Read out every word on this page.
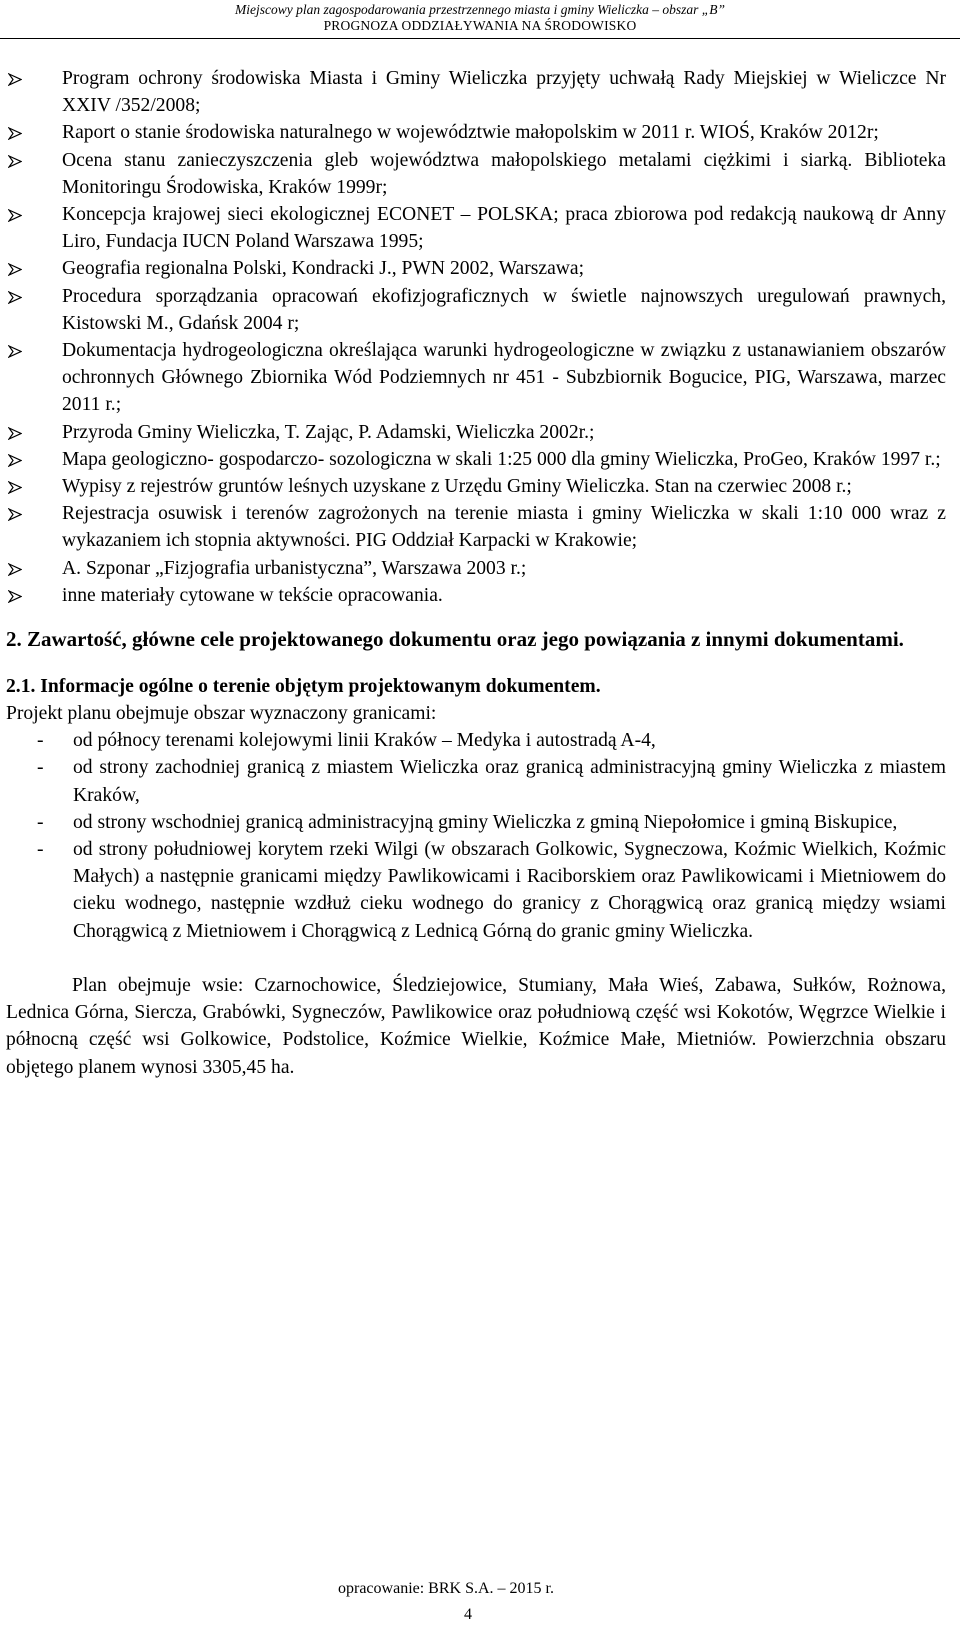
Miejscowy plan zagospodarowania przestrzennego miasta i gminy Wieliczka – obszar „B”
PROGNOZA ODDZIAŁYWANIA NA ŚRODOWISKO
Program ochrony środowiska Miasta i Gminy Wieliczka przyjęty uchwałą Rady Miejskiej w Wieliczce Nr XXIV /352/2008;
Raport o stanie środowiska naturalnego w województwie małopolskim w 2011 r. WIOŚ, Kraków 2012r;
Ocena stanu zanieczyszczenia gleb województwa małopolskiego metalami ciężkimi i siarką. Biblioteka Monitoringu Środowiska, Kraków 1999r;
Koncepcja krajowej sieci ekologicznej ECONET – POLSKA; praca zbiorowa pod redakcją naukową dr Anny Liro, Fundacja IUCN Poland Warszawa 1995;
Geografia regionalna Polski, Kondracki J., PWN 2002, Warszawa;
Procedura sporządzania opracowań ekofizjograficznych w świetle najnowszych uregulowań prawnych, Kistowski M., Gdańsk 2004 r;
Dokumentacja hydrogeologiczna określająca warunki hydrogeologiczne w związku z ustanawianiem obszarów ochronnych Głównego Zbiornika Wód Podziemnych nr 451 - Subzbiornik Bogucice, PIG, Warszawa, marzec 2011 r.;
Przyroda Gminy Wieliczka, T. Zając, P. Adamski, Wieliczka 2002r.;
Mapa geologiczno- gospodarczo- sozologiczna w skali 1:25 000 dla gminy Wieliczka, ProGeo, Kraków 1997 r.;
Wypisy z rejestrów gruntów leśnych uzyskane z Urzędu Gminy Wieliczka. Stan na czerwiec 2008 r.;
Rejestracja osuwisk i terenów zagrożonych na terenie miasta i gminy Wieliczka w skali 1:10 000 wraz z wykazaniem ich stopnia aktywności. PIG Oddział Karpacki w Krakowie;
A. Szponar „Fizjografia urbanistyczna”, Warszawa 2003 r.;
inne materiały cytowane w tekście opracowania.
2. Zawartość, główne cele projektowanego dokumentu oraz jego powiązania z innymi dokumentami.
2.1. Informacje ogólne o terenie objętym projektowanym dokumentem.

Projekt planu obejmuje obszar wyznaczony granicami:

- od północy terenami kolejowymi linii Kraków – Medyka i autostradą A-4,
- od strony zachodniej granicą z miastem Wieliczka oraz granicą administracyjną gminy Wieliczka z miastem Kraków,
- od strony wschodniej granicą administracyjną gminy Wieliczka z gminą Niepołomice i gminą Biskupice,
- od strony południowej korytem rzeki Wilgi (w obszarach Golkowic, Sygneczowa, Koźmic Wielkich, Koźmic Małych) a następnie granicami między Pawlikowicami i Raciborskiem oraz Pawlikowicami i Mietniowem do cieku wodnego, następnie wzdłuż cieku wodnego do granicy z Chorągwicą oraz granicą między wsiami Chorągwicą z Mietniowem i Chorągwicą z Lednicą Górną do granic gminy Wieliczka.

Plan obejmuje wsie: Czarnochowice, Śledziejowice, Stumiany, Mała Wieś, Zabawa, Sułków, Rożnowa, Lednica Górna, Siercza, Grabówki, Sygneczów, Pawlikowice oraz południową część wsi Kokotów, Węgrzce Wielkie i północną część wsi Golkowice, Podstolice, Koźmice Wielkie, Koźmice Małe, Mietniów. Powierzchnia obszaru objętego planem wynosi 3305,45 ha.

opracowanie: BRK S.A. – 2015 r.
4
